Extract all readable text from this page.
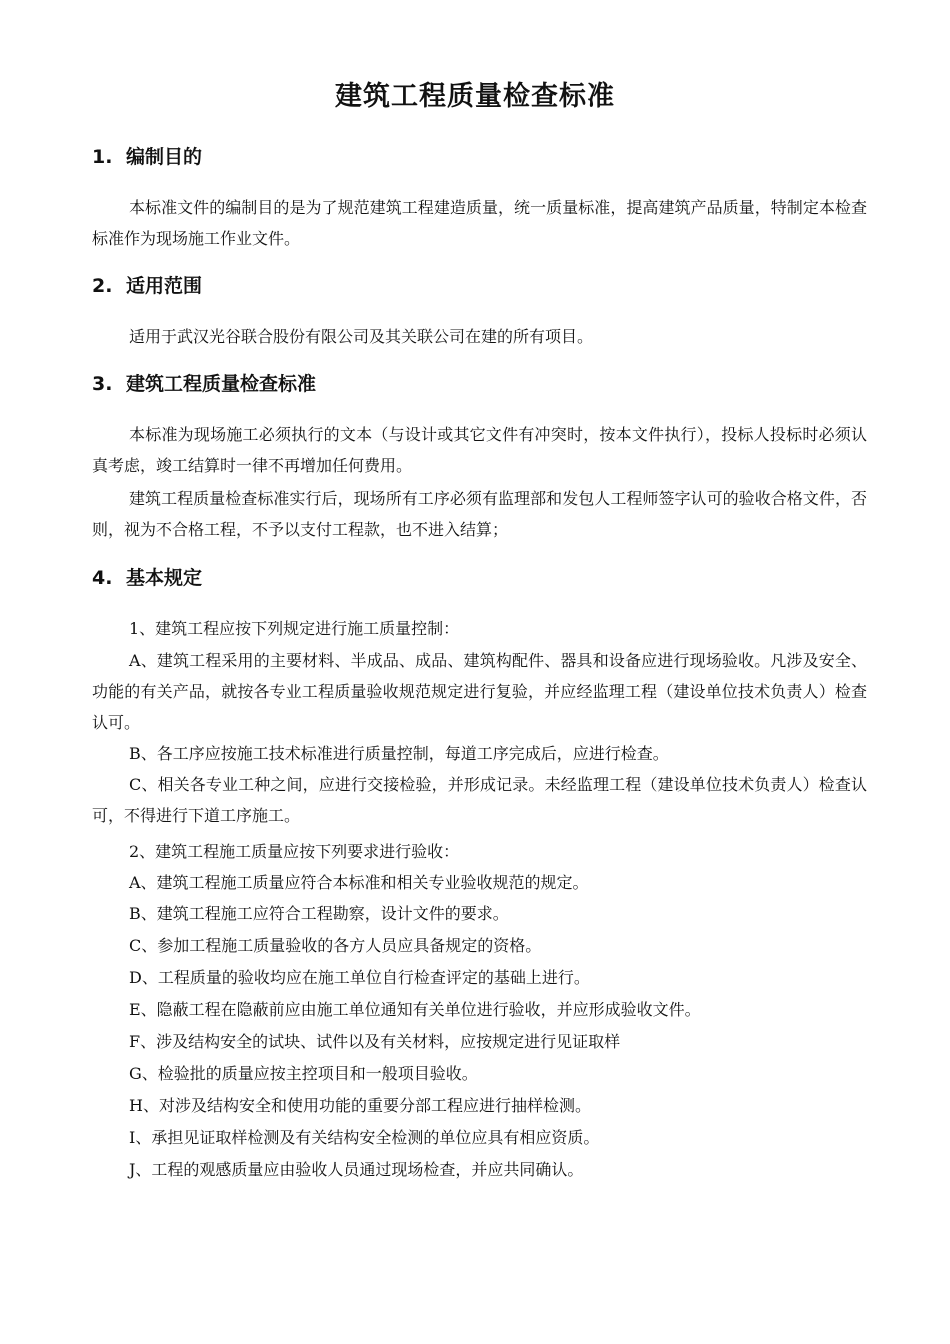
建筑工程质量检查标准
1. 编制目的

本标准文件的编制目的是为了规范建筑工程建造质量，统一质量标准，提高建筑产品质量，特制定本检查标准作为现场施工作业文件。

2. 适用范围

适用于武汉光谷联合股份有限公司及其关联公司在建的所有项目。

3. 建筑工程质量检查标准

本标准为现场施工必须执行的文本（与设计或其它文件有冲突时，按本文件执行），投标人投标时必须认真考虑，竣工结算时一律不再增加任何费用。

建筑工程质量检查标准实行后，现场所有工序必须有监理部和发包人工程师签字认可的验收合格文件，否则，视为不合格工程，不予以支付工程款，也不进入结算；

4. 基本规定

1、建筑工程应按下列规定进行施工质量控制：

A、建筑工程采用的主要材料、半成品、成品、建筑构配件、器具和设备应进行现场验收。凡涉及安全、功能的有关产品，就按各专业工程质量验收规范规定进行复验，并应经监理工程（建设单位技术负责人）检查认可。

B、各工序应按施工技术标准进行质量控制，每道工序完成后，应进行检查。

C、相关各专业工种之间，应进行交接检验，并形成记录。未经监理工程（建设单位技术负责人）检查认可，不得进行下道工序施工。

2、建筑工程施工质量应按下列要求进行验收：

A、建筑工程施工质量应符合本标准和相关专业验收规范的规定。

B、建筑工程施工应符合工程勘察，设计文件的要求。

C、参加工程施工质量验收的各方人员应具备规定的资格。

D、工程质量的验收均应在施工单位自行检查评定的基础上进行。

E、隐蔽工程在隐蔽前应由施工单位通知有关单位进行验收，并应形成验收文件。

F、涉及结构安全的试块、试件以及有关材料，应按规定进行见证取样

G、检验批的质量应按主控项目和一般项目验收。

H、对涉及结构安全和使用功能的重要分部工程应进行抽样检测。

I、承担见证取样检测及有关结构安全检测的单位应具有相应资质。

J、工程的观感质量应由验收人员通过现场检查，并应共同确认。
